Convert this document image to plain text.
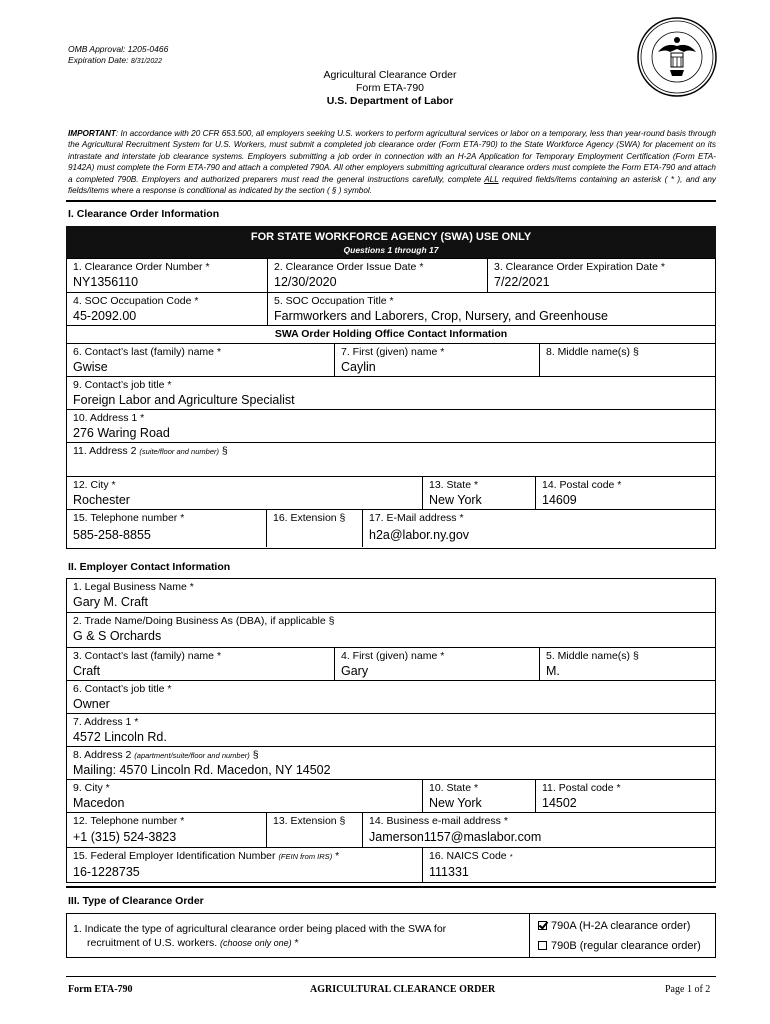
OMB Approval: 1205-0466
Expiration Date: 8/31/2022
Agricultural Clearance Order
Form ETA-790
U.S. Department of Labor
IMPORTANT: In accordance with 20 CFR 653.500, all employers seeking U.S. workers to perform agricultural services or labor on a temporary, less than year-round basis through the Agricultural Recruitment System for U.S. Workers, must submit a completed job clearance order (Form ETA-790) to the State Workforce Agency (SWA) for placement on its intrastate and interstate job clearance systems. Employers submitting a job order in connection with an H-2A Application for Temporary Employment Certification (Form ETA-9142A) must complete the Form ETA-790 and attach a completed 790A. All other employers submitting agricultural clearance orders must complete the Form ETA-790 and attach a completed 790B. Employers and authorized preparers must read the general instructions carefully, complete ALL required fields/items containing an asterisk ( * ), and any fields/items where a response is conditional as indicated by the section ( § ) symbol.
I. Clearance Order Information
FOR STATE WORKFORCE AGENCY (SWA) USE ONLY
Questions 1 through 17
1. Clearance Order Number *
NY1356110
2. Clearance Order Issue Date *
12/30/2020
3. Clearance Order Expiration Date *
7/22/2021
4. SOC Occupation Code *
45-2092.00
5. SOC Occupation Title *
Farmworkers and Laborers, Crop, Nursery, and Greenhouse
SWA Order Holding Office Contact Information
6. Contact’s last (family) name *
Gwise
7. First (given) name *
Caylin
8. Middle name(s) §
9. Contact’s job title *
Foreign Labor and Agriculture Specialist
10. Address 1 *
276 Waring Road
11. Address 2 (suite/floor and number) §
12. City *
Rochester
13. State *
New York
14. Postal code *
14609
15. Telephone number *
585-258-8855
16. Extension § 17. E-Mail address *
h2a@labor.ny.gov
II. Employer Contact Information
1. Legal Business Name *
Gary M. Craft
2. Trade Name/Doing Business As (DBA), if applicable §
G & S Orchards
3. Contact’s last (family) name *
Craft
4. First (given) name *
Gary
5. Middle name(s) §
M.
6. Contact’s job title *
Owner
7. Address 1 *
4572 Lincoln Rd.
8. Address 2 (apartment/suite/floor and number) §
Mailing: 4570 Lincoln Rd. Macedon, NY 14502
9. City *
Macedon
10. State *
New York
11. Postal code *
14502
12. Telephone number *
+1 (315) 524-3823
13. Extension § 14. Business e-mail address *
Jamerson1157@maslabor.com
15. Federal Employer Identification Number (FEIN from IRS) *
16-1228735
16. NAICS Code *
111331
III. Type of Clearance Order
1. Indicate the type of agricultural clearance order being placed with the SWA for
recruitment of U.S. workers. (choose only one) *
790A (H-2A clearance order)
790B (regular clearance order)
Form ETA-790	AGRICULTURAL CLEARANCE ORDER	Page 1 of 2
